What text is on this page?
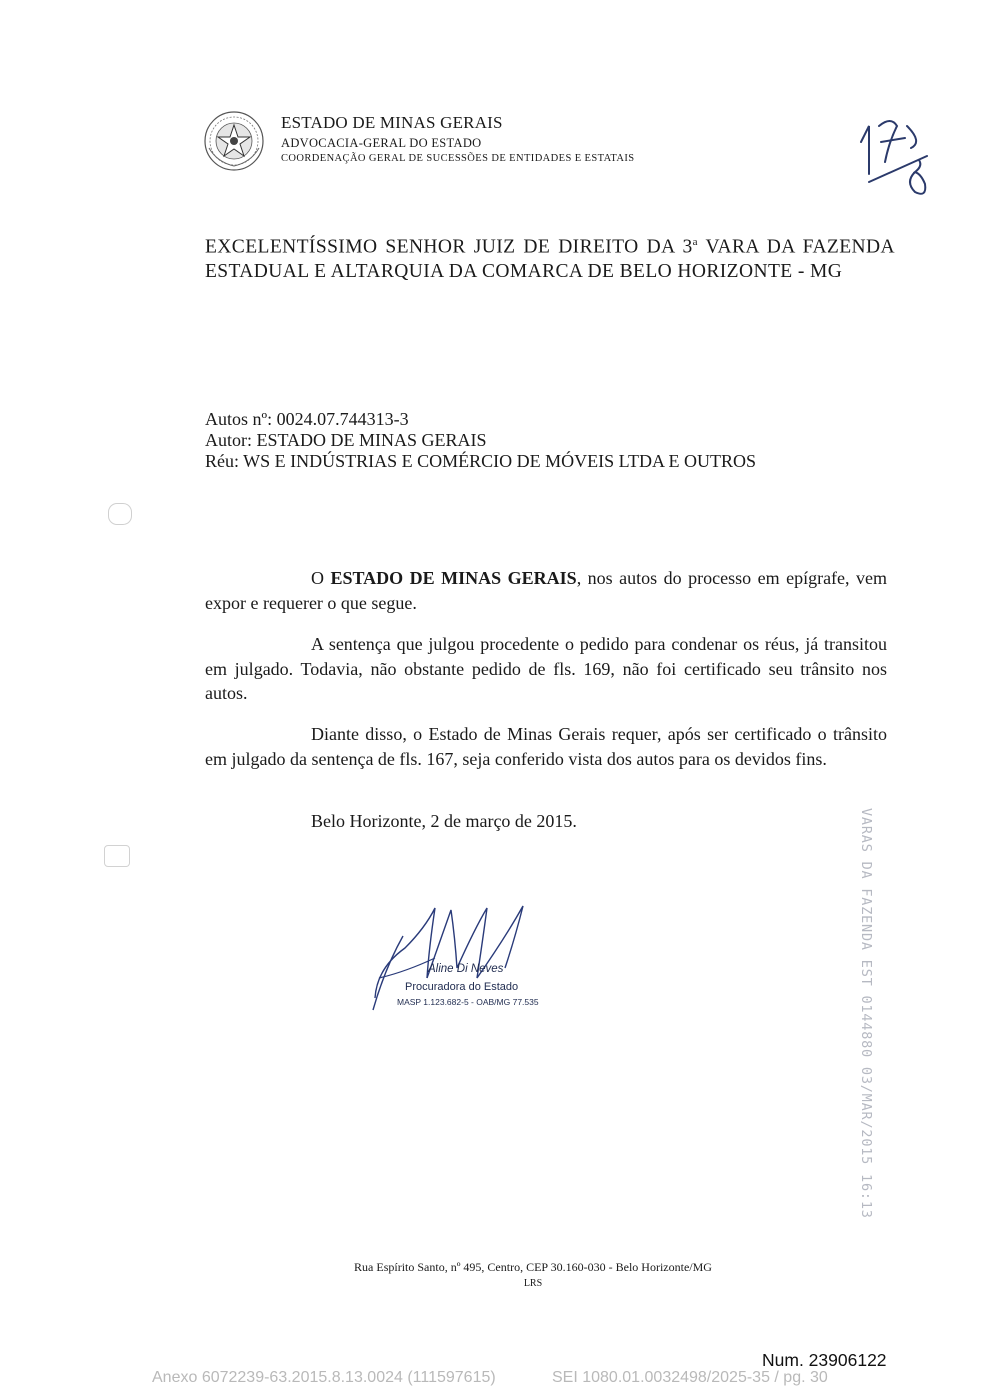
ESTADO DE MINAS GERAIS
ADVOCACIA-GERAL DO ESTADO
COORDENAÇÃO GERAL DE SUCESSÕES DE ENTIDADES E ESTATAIS
EXCELENTÍSSIMO SENHOR JUIZ DE DIREITO DA 3$^a$ VARA DA FAZENDA
ESTADUAL E ALTARQUIA DA COMARCA DE BELO HORIZONTE - MG
Autos nº: 0024.07.744313-3
Autor: ESTADO DE MINAS GERAIS
Réu: WS E INDÚSTRIAS E COMÉRCIO DE MÓVEIS LTDA E OUTROS
O ESTADO DE MINAS GERAIS, nos autos do processo em epígrafe, vem expor e requerer o que segue.
A sentença que julgou procedente o pedido para condenar os réus, já transitou em julgado. Todavia, não obstante pedido de fls. 169, não foi certificado seu trânsito nos autos.
Diante disso, o Estado de Minas Gerais requer, após ser certificado o trânsito em julgado da sentença de fls. 167, seja conferido vista dos autos para os devidos fins.
Belo Horizonte, 2 de março de 2015.
Aline Di Neves
Procuradora do Estado
MASP 1.123.682-5 - OAB/MG 77.535	VARAS DA FAZENDA EST 0144880 03/MAR/2015 16:13
Rua Espírito Santo, nº 495, Centro, CEP 30.160-030 - Belo Horizonte/MG
LRS
Num. 23906122
Anexo 6072239-63.2015.8.13.0024 (111597615)	SEI 1080.01.0032498/2025-35 / pg. 30
